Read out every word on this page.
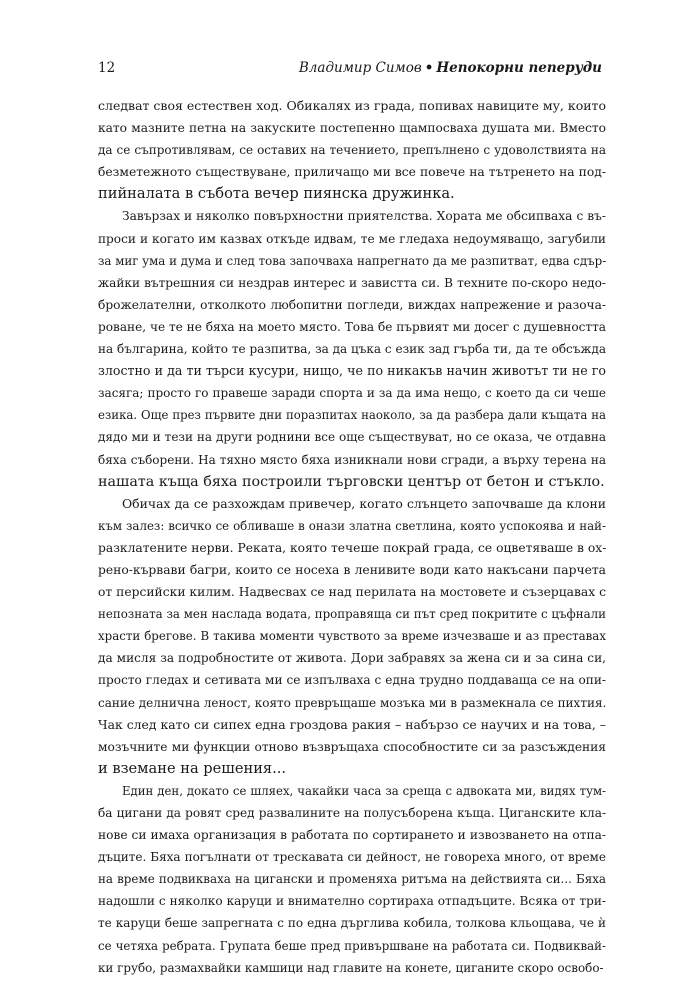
12	Владимир Симов • Непокорни пеперуди
следват своя естествен ход. Обикалях из града, попивах навиците му, които
като мазните петна на закуските постепенно щампосваха душата ми. Вместо
да се съпротивлявам, се оставих на течението, препълнено с удоволствията на
безметежното съществуване, приличащо ми все повече на тътренето на под-
пийналата в събота вечер пиянска дружинка.
Завързах и няколко повърхностни приятелства. Хората ме обсипваха с въ-
проси и когато им казвах откъде идвам, те ме гледаха недоумяващо, загубили
за миг ума и дума и след това започваха напрегнато да ме разпитват, едва сдър-
жайки вътрешния си нездрав интерес и завистта си. В техните по-скоро недо-
брожелателни, отколкото любопитни погледи, виждах напрежение и разоча-
роване, че те не бяха на моето място. Това бе първият ми досег с душевността
на българина, който те разпитва, за да цъка с език зад гърба ти, да те обсъжда
злостно и да ти търси кусури, нищо, че по никакъв начин животът ти не го
засяга; просто го правеше заради спорта и за да има нещо, с което да си чеше
езика. Още през първите дни поразпитах наоколо, за да разбера дали къщата на
дядо ми и тези на други роднини все още съществуват, но се оказа, че отдавна
бяха съборени. На тяхно място бяха изникнали нови сгради, а върху терена на
нашата къща бяха построили търговски център от бетон и стъкло.
Обичах да се разхождам привечер, когато слънцето започваше да клони
към залез: всичко се обливаше в онази златна светлина, която успокоява и най-
разклатените нерви. Реката, която течеше покрай града, се оцветяваше в ох-
рено-кървави багри, които се носеха в ленивите води като накъсани парчета
от персийски килим. Надвесвах се над перилата на мостовете и съзерцавах с
непозната за мен наслада водата, проправяща си път сред покритите с цъфнали
храсти брегове. В такива моменти чувството за време изчезваше и аз преставах
да мисля за подробностите от живота. Дори забравях за жена си и за сина си,
просто гледах и сетивата ми се изпълваха с една трудно поддаваща се на опи-
сание делнична леност, която превръщаше мозъка ми в размекнала се пихтия.
Чак след като си сипех една гроздова ракия – набързо се научих и на това, –
мозъчните ми функции отново възвръщаха способностите си за разсъждения
и вземане на решения...
Един ден, докато се шляех, чакайки часа за среща с адвоката ми, видях тум-
ба цигани да ровят сред развалините на полусъборена къща. Циганските кла-
нове си имаха организация в работата по сортирането и извозването на отпа-
дъците. Бяха погълнати от трескавата си дейност, не говореха много, от време
на време подвикваха на цигански и променяха ритъма на действията си... Бяха
надошли с няколко каруци и внимателно сортираха отпадъците. Всяка от три-
те каруци беше запрегната с по една дърглива кобила, толкова кльощава, че ѝ
се четяха ребрата. Групата беше пред привършване на работата си. Подвиквай-
ки грубо, размахвайки камшици над главите на конете, циганите скоро освобо-
